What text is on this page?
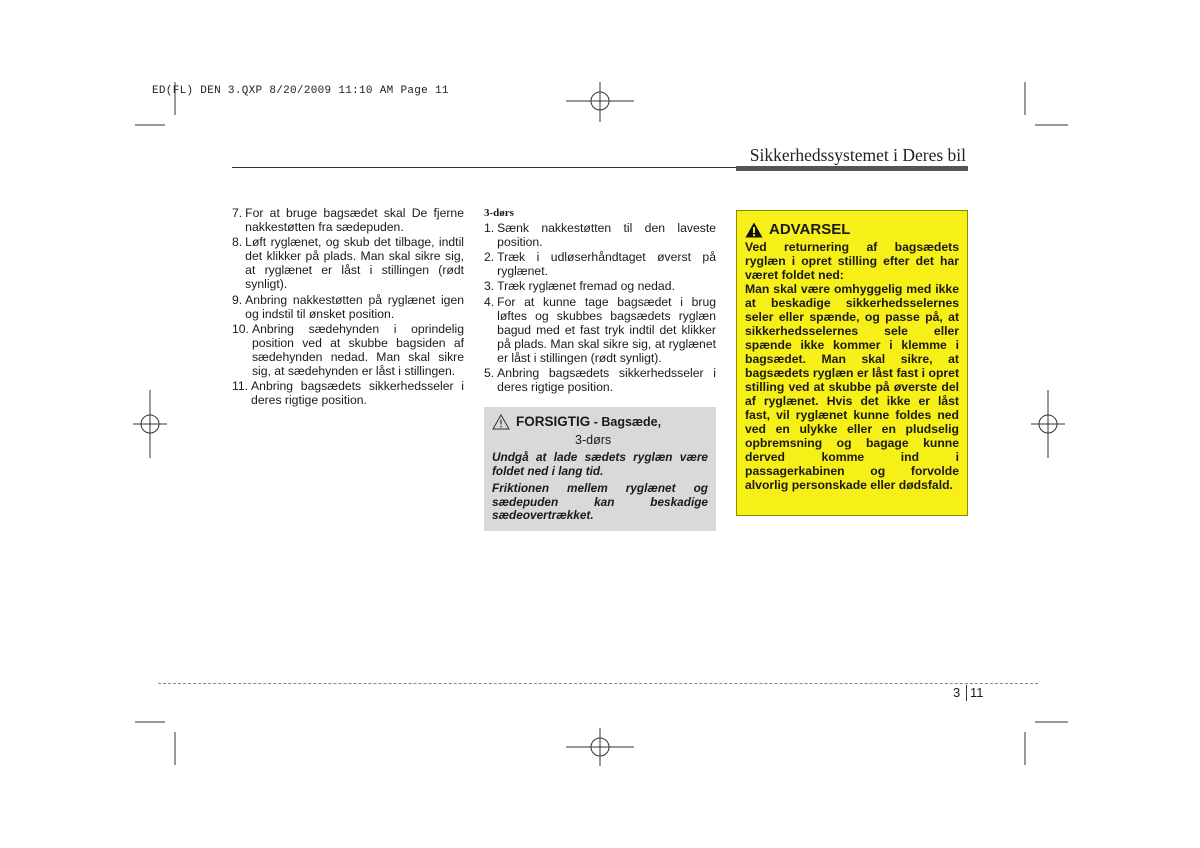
ED(FL) DEN 3.QXP 8/20/2009 11:10 AM Page 11
Sikkerhedssystemet i Deres bil
7. For at bruge bagsædet skal De fjerne nakkestøtten fra sædepuden.
8. Løft ryglænet, og skub det tilbage, indtil det klikker på plads. Man skal sikre sig, at ryglænet er låst i stillingen (rødt synligt).
9. Anbring nakkestøtten på ryglænet igen og indstil til ønsket position.
10. Anbring sædehynden i oprindelig position ved at skubbe bagsiden af sædehynden nedad. Man skal sikre sig, at sædehynden er låst i stillingen.
11. Anbring bagsædets sikkerhedsseler i deres rigtige position.
3-dørs
1. Sænk nakkestøtten til den laveste position.
2. Træk i udløserhåndtaget øverst på ryglænet.
3. Træk ryglænet fremad og nedad.
4. For at kunne tage bagsædet i brug løftes og skubbes bagsædets ryglæn bagud med et fast tryk indtil det klikker på plads. Man skal sikre sig, at ryglænet er låst i stillingen (rødt synligt).
5. Anbring bagsædets sikkerhedsseler i deres rigtige position.
FORSIGTIG - Bagsæde,
3-dørs

Undgå at lade sædets ryglæn være foldet ned i lang tid.

Friktionen mellem ryglænet og sædepuden kan beskadige sædeovertrækket.

ADVARSEL

Ved returnering af bagsædets ryglæn i opret stilling efter det har været foldet ned:

Man skal være omhyggelig med ikke at beskadige sikkerhedsselernes seler eller spænde, og passe på, at sikkerhedsselernes sele eller spænde ikke kommer i klemme i bagsædet. Man skal sikre, at bagsædets ryglæn er låst fast i opret stilling ved at skubbe på øverste del af ryglænet. Hvis det ikke er låst fast, vil ryglænet kunne foldes ned ved en ulykke eller en pludselig opbremsning og bagage kunne derved komme ind i passagerkabinen og forvolde alvorlig personskade eller dødsfald.

3 11
